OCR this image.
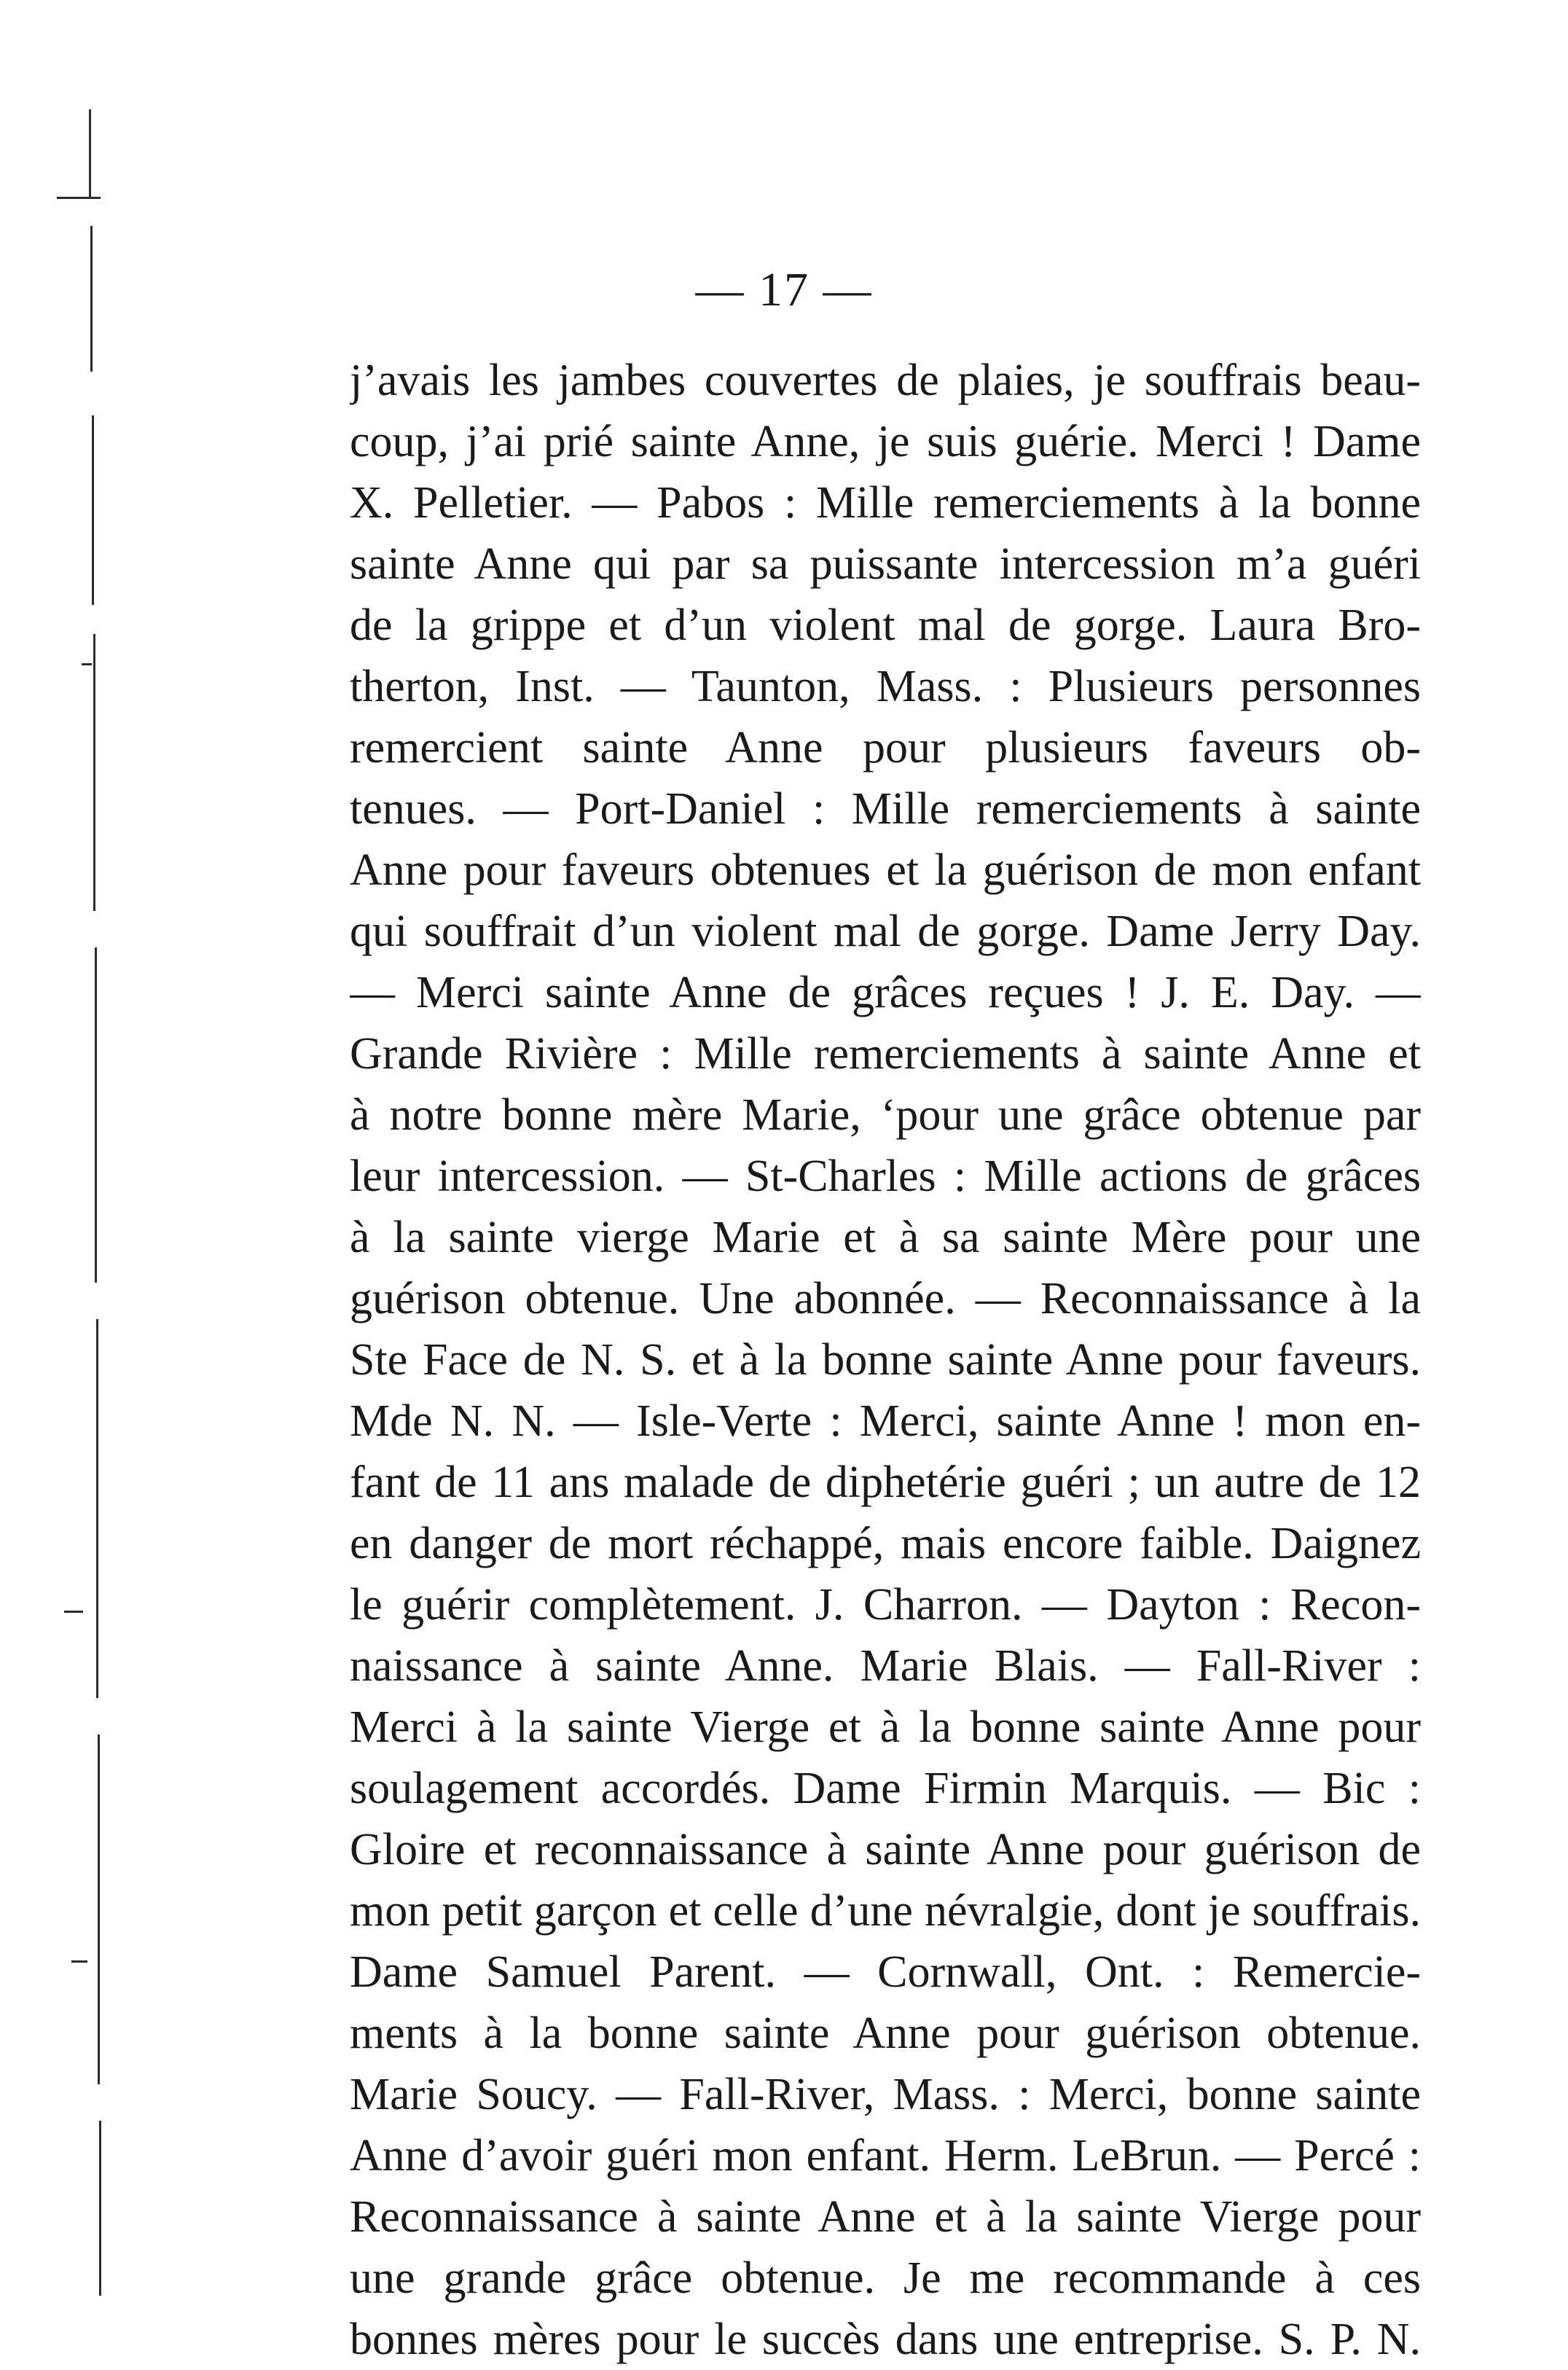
— 17 —
j’avais les jambes couvertes de plaies, je souffrais beau-
coup, j’ai prié sainte Anne, je suis guérie. Merci ! Dame
X. Pelletier. — Pabos : Mille remerciements à la bonne
sainte Anne qui par sa puissante intercession m’a guéri
de la grippe et d’un violent mal de gorge. Laura Bro-
therton, Inst. — Taunton, Mass. : Plusieurs personnes
remercient sainte Anne pour plusieurs faveurs ob-
tenues. — Port-Daniel : Mille remerciements à sainte
Anne pour faveurs obtenues et la guérison de mon enfant
qui souffrait d’un violent mal de gorge. Dame Jerry Day.
— Merci sainte Anne de grâces reçues ! J. E. Day. —
Grande Rivière : Mille remerciements à sainte Anne et
à notre bonne mère Marie, ‘pour une grâce obtenue par
leur intercession. — St-Charles : Mille actions de grâces
à la sainte vierge Marie et à sa sainte Mère pour une
guérison obtenue. Une abonnée. — Reconnaissance à la
Ste Face de N. S. et à la bonne sainte Anne pour faveurs.
Mde N. N. — Isle-Verte : Merci, sainte Anne ! mon en-
fant de 11 ans malade de diphetérie guéri ; un autre de 12
en danger de mort réchappé, mais encore faible. Daignez
le guérir complètement. J. Charron. — Dayton : Recon-
naissance à sainte Anne. Marie Blais. — Fall-River :
Merci à la sainte Vierge et à la bonne sainte Anne pour
soulagement accordés. Dame Firmin Marquis. — Bic :
Gloire et reconnaissance à sainte Anne pour guérison de
mon petit garçon et celle d’une névralgie, dont je souffrais.
Dame Samuel Parent. — Cornwall, Ont. : Remercie-
ments à la bonne sainte Anne pour guérison obtenue.
Marie Soucy. — Fall-River, Mass. : Merci, bonne sainte
Anne d’avoir guéri mon enfant. Herm. LeBrun. — Percé :
Reconnaissance à sainte Anne et à la sainte Vierge pour
une grande grâce obtenue. Je me recommande à ces
bonnes mères pour le succès dans une entreprise. S. P. N.
